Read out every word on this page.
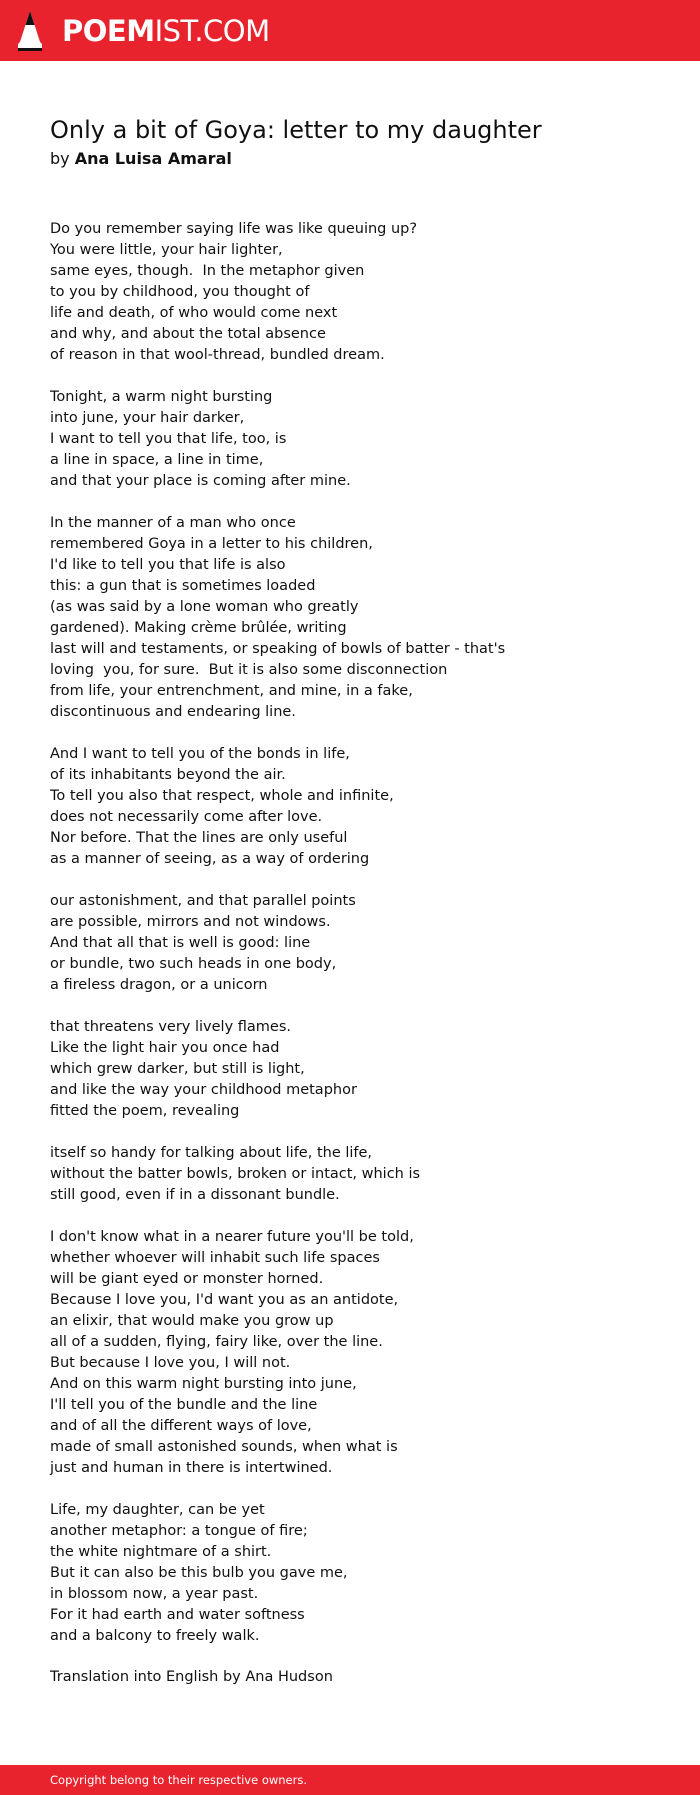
POEMIST.COM
Only a bit of Goya: letter to my daughter
by Ana Luisa Amaral
Do you remember saying life was like queuing up?
You were little, your hair lighter,
same eyes, though.  In the metaphor given
to you by childhood, you thought of
life and death, of who would come next
and why, and about the total absence
of reason in that wool-thread, bundled dream.
Tonight, a warm night bursting
into june, your hair darker,
I want to tell you that life, too, is
a line in space, a line in time,
and that your place is coming after mine.
In the manner of a man who once
remembered Goya in a letter to his children,
I'd like to tell you that life is also
this: a gun that is sometimes loaded
(as was said by a lone woman who greatly
gardened). Making crème brûlée, writing
last will and testaments, or speaking of bowls of batter - that's
loving  you, for sure.  But it is also some disconnection
from life, your entrenchment, and mine, in a fake,
discontinuous and endearing line.
And I want to tell you of the bonds in life,
of its inhabitants beyond the air.
To tell you also that respect, whole and infinite,
does not necessarily come after love.
Nor before. That the lines are only useful
as a manner of seeing, as a way of ordering
our astonishment, and that parallel points
are possible, mirrors and not windows.
And that all that is well is good: line
or bundle, two such heads in one body,
a fireless dragon, or a unicorn
that threatens very lively flames.
Like the light hair you once had
which grew darker, but still is light,
and like the way your childhood metaphor
fitted the poem, revealing
itself so handy for talking about life, the life,
without the batter bowls, broken or intact, which is
still good, even if in a dissonant bundle.
I don't know what in a nearer future you'll be told,
whether whoever will inhabit such life spaces
will be giant eyed or monster horned.
Because I love you, I'd want you as an antidote,
an elixir, that would make you grow up
all of a sudden, flying, fairy like, over the line.
But because I love you, I will not.
And on this warm night bursting into june,
I'll tell you of the bundle and the line
and of all the different ways of love,
made of small astonished sounds, when what is
just and human in there is intertwined.
Life, my daughter, can be yet
another metaphor: a tongue of fire;
the white nightmare of a shirt.
But it can also be this bulb you gave me,
in blossom now, a year past.
For it had earth and water softness
and a balcony to freely walk.
Translation into English by Ana Hudson
Copyright belong to their respective owners.
